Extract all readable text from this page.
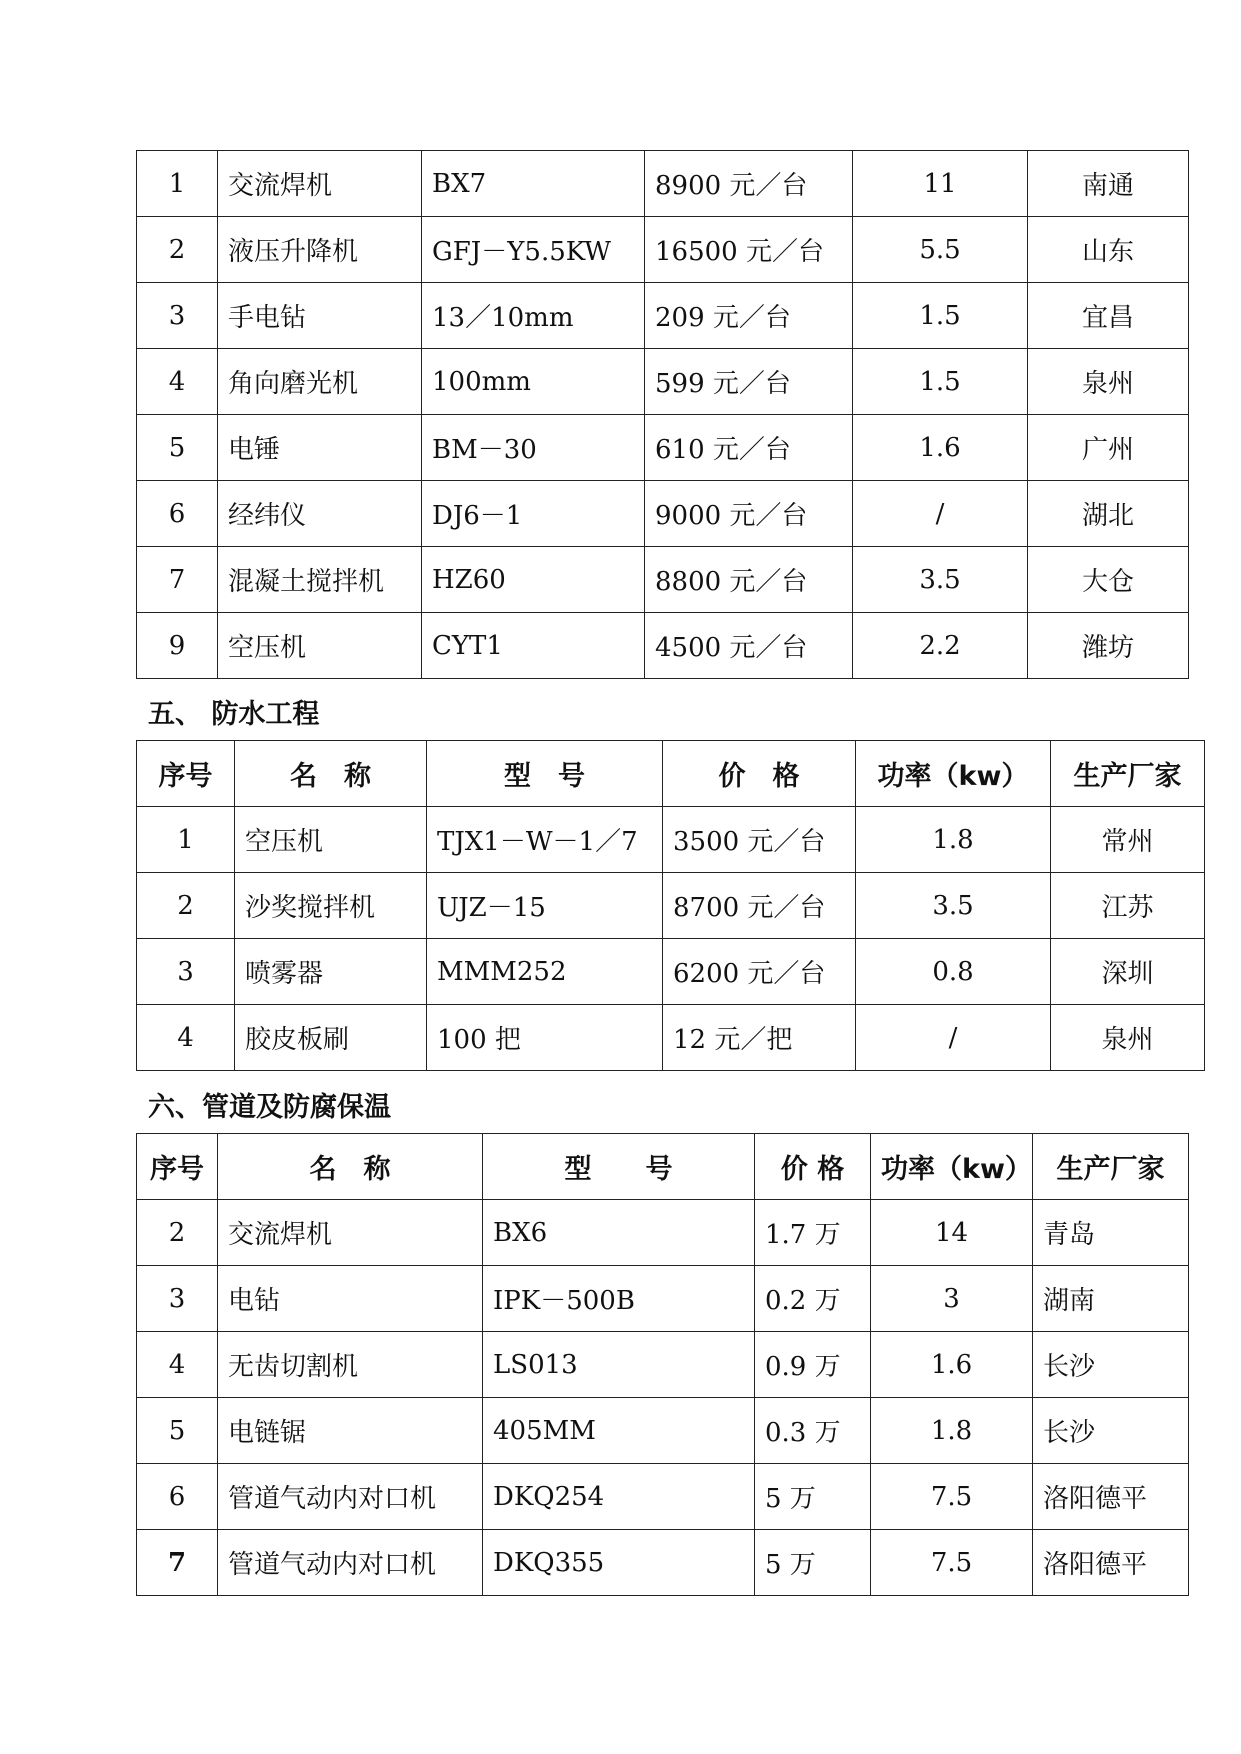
1	交流焊机	BX7	8900 元／台	11	南通
2	液压升降机	GFJ－Y5.5KW	16500 元／台	5.5	山东
3	手电钻	13／10mm	209 元／台	1.5	宜昌
4	角向磨光机	100mm	599 元／台	1.5	泉州
5	电锤	BM－30	610 元／台	1.6	广州
6	经纬仪	DJ6－1	9000 元／台	/	湖北
7	混凝土搅拌机	HZ60	8800 元／台	3.5	大仓
9	空压机	CYT1	4500 元／台	2.2	潍坊
五、 防水工程
序号	名　称	型　号	价　格	功率（kw）	生产厂家
1	空压机	TJX1－W－1／7	3500 元／台	1.8	常州
2	沙奖搅拌机	UJZ－15	8700 元／台	3.5	江苏
3	喷雾器	MMM252	6200 元／台	0.8	深圳
4	胶皮板刷	100 把	12 元／把	/	泉州
六、管道及防腐保温
序号	名　称	型　　号	价 格	功率（kw）	生产厂家
2	交流焊机	BX6	1.7 万	14	青岛
3	电钻	IPK－500B	0.2 万	3	湖南
4	无齿切割机	LS013	0.9 万	1.6	长沙
5	电链锯	405MM	0.3 万	1.8	长沙
6	管道气动内对口机	DKQ254	5 万	7.5	洛阳德平
7	管道气动内对口机	DKQ355	5 万	7.5	洛阳德平
